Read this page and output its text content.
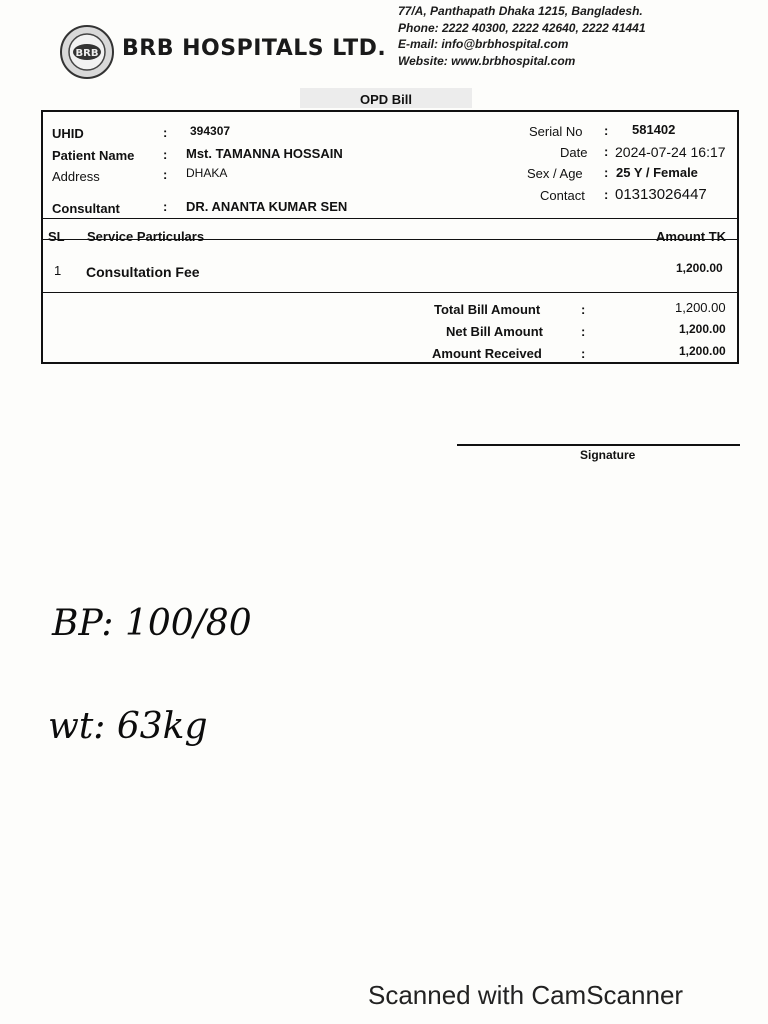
BRB BRB HOSPITALS LTD.
77/A, Panthapath Dhaka 1215, Bangladesh.
Phone: 2222 40300, 2222 42640, 2222 41441
E-mail: info@brbhospital.com
Website: www.brbhospital.com
OPD Bill
UHID	: 394307
Patient Name : Mst. TAMANNA HOSSAIN
Address	: DHAKA
Consultant	: DR. ANANTA KUMAR SEN
Serial No : 581402
Date : 2024-07-24 16:17
Sex / Age : 25 Y / Female
Contact : 01313026447
SL Service Particulars	Amount TK
1 Consultation Fee	1,200.00
Total Bill Amount	:	1,200.00
Net Bill Amount	:	1,200.00
Amount Received	:	1,200.00
Signature
BP: 100/80
wt: 63kg
Scanned with CamScanner
